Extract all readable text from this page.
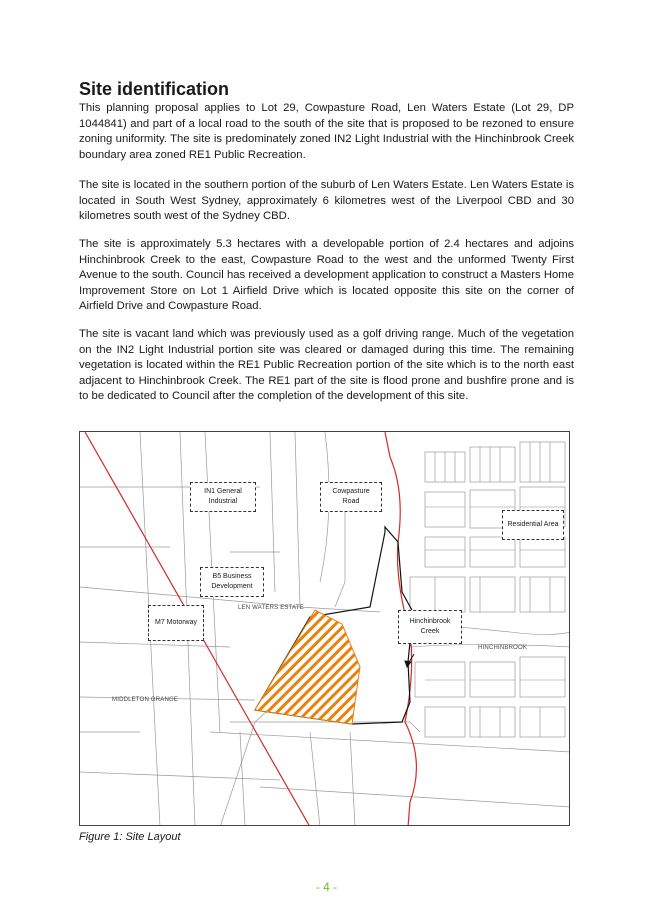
Site identification

This planning proposal applies to Lot 29, Cowpasture Road, Len Waters Estate (Lot 29, DP 1044841) and part of a local road to the south of the site that is proposed to be rezoned to ensure zoning uniformity. The site is predominately zoned IN2 Light Industrial with the Hinchinbrook Creek boundary area zoned RE1 Public Recreation.

The site is located in the southern portion of the suburb of Len Waters Estate. Len Waters Estate is located in South West Sydney, approximately 6 kilometres west of the Liverpool CBD and 30 kilometres south west of the Sydney CBD.

The site is approximately 5.3 hectares with a developable portion of 2.4 hectares and adjoins Hinchinbrook Creek to the east, Cowpasture Road to the west and the unformed Twenty First Avenue to the south. Council has received a development application to construct a Masters Home Improvement Store on Lot 1 Airfield Drive which is located opposite this site on the corner of Airfield Drive and Cowpasture Road.

The site is vacant land which was previously used as a golf driving range. Much of the vegetation on the IN2 Light Industrial portion site was cleared or damaged during this time. The remaining vegetation is located within the RE1 Public Recreation portion of the site which is to the north east adjacent to Hinchinbrook Creek. The RE1 part of the site is flood prone and bushfire prone and is to be dedicated to Council after the completion of the development of this site.

IN1 General Industrial
Cowpasture Road
Residential Area
B5 Business Development
M7 Motorway	Hinchinbrook Creek
LEN WATERS ESTATE
HINCHINBROOK
MIDDLETON GRANGE

Figure 1: Site Layout

- 4 -
